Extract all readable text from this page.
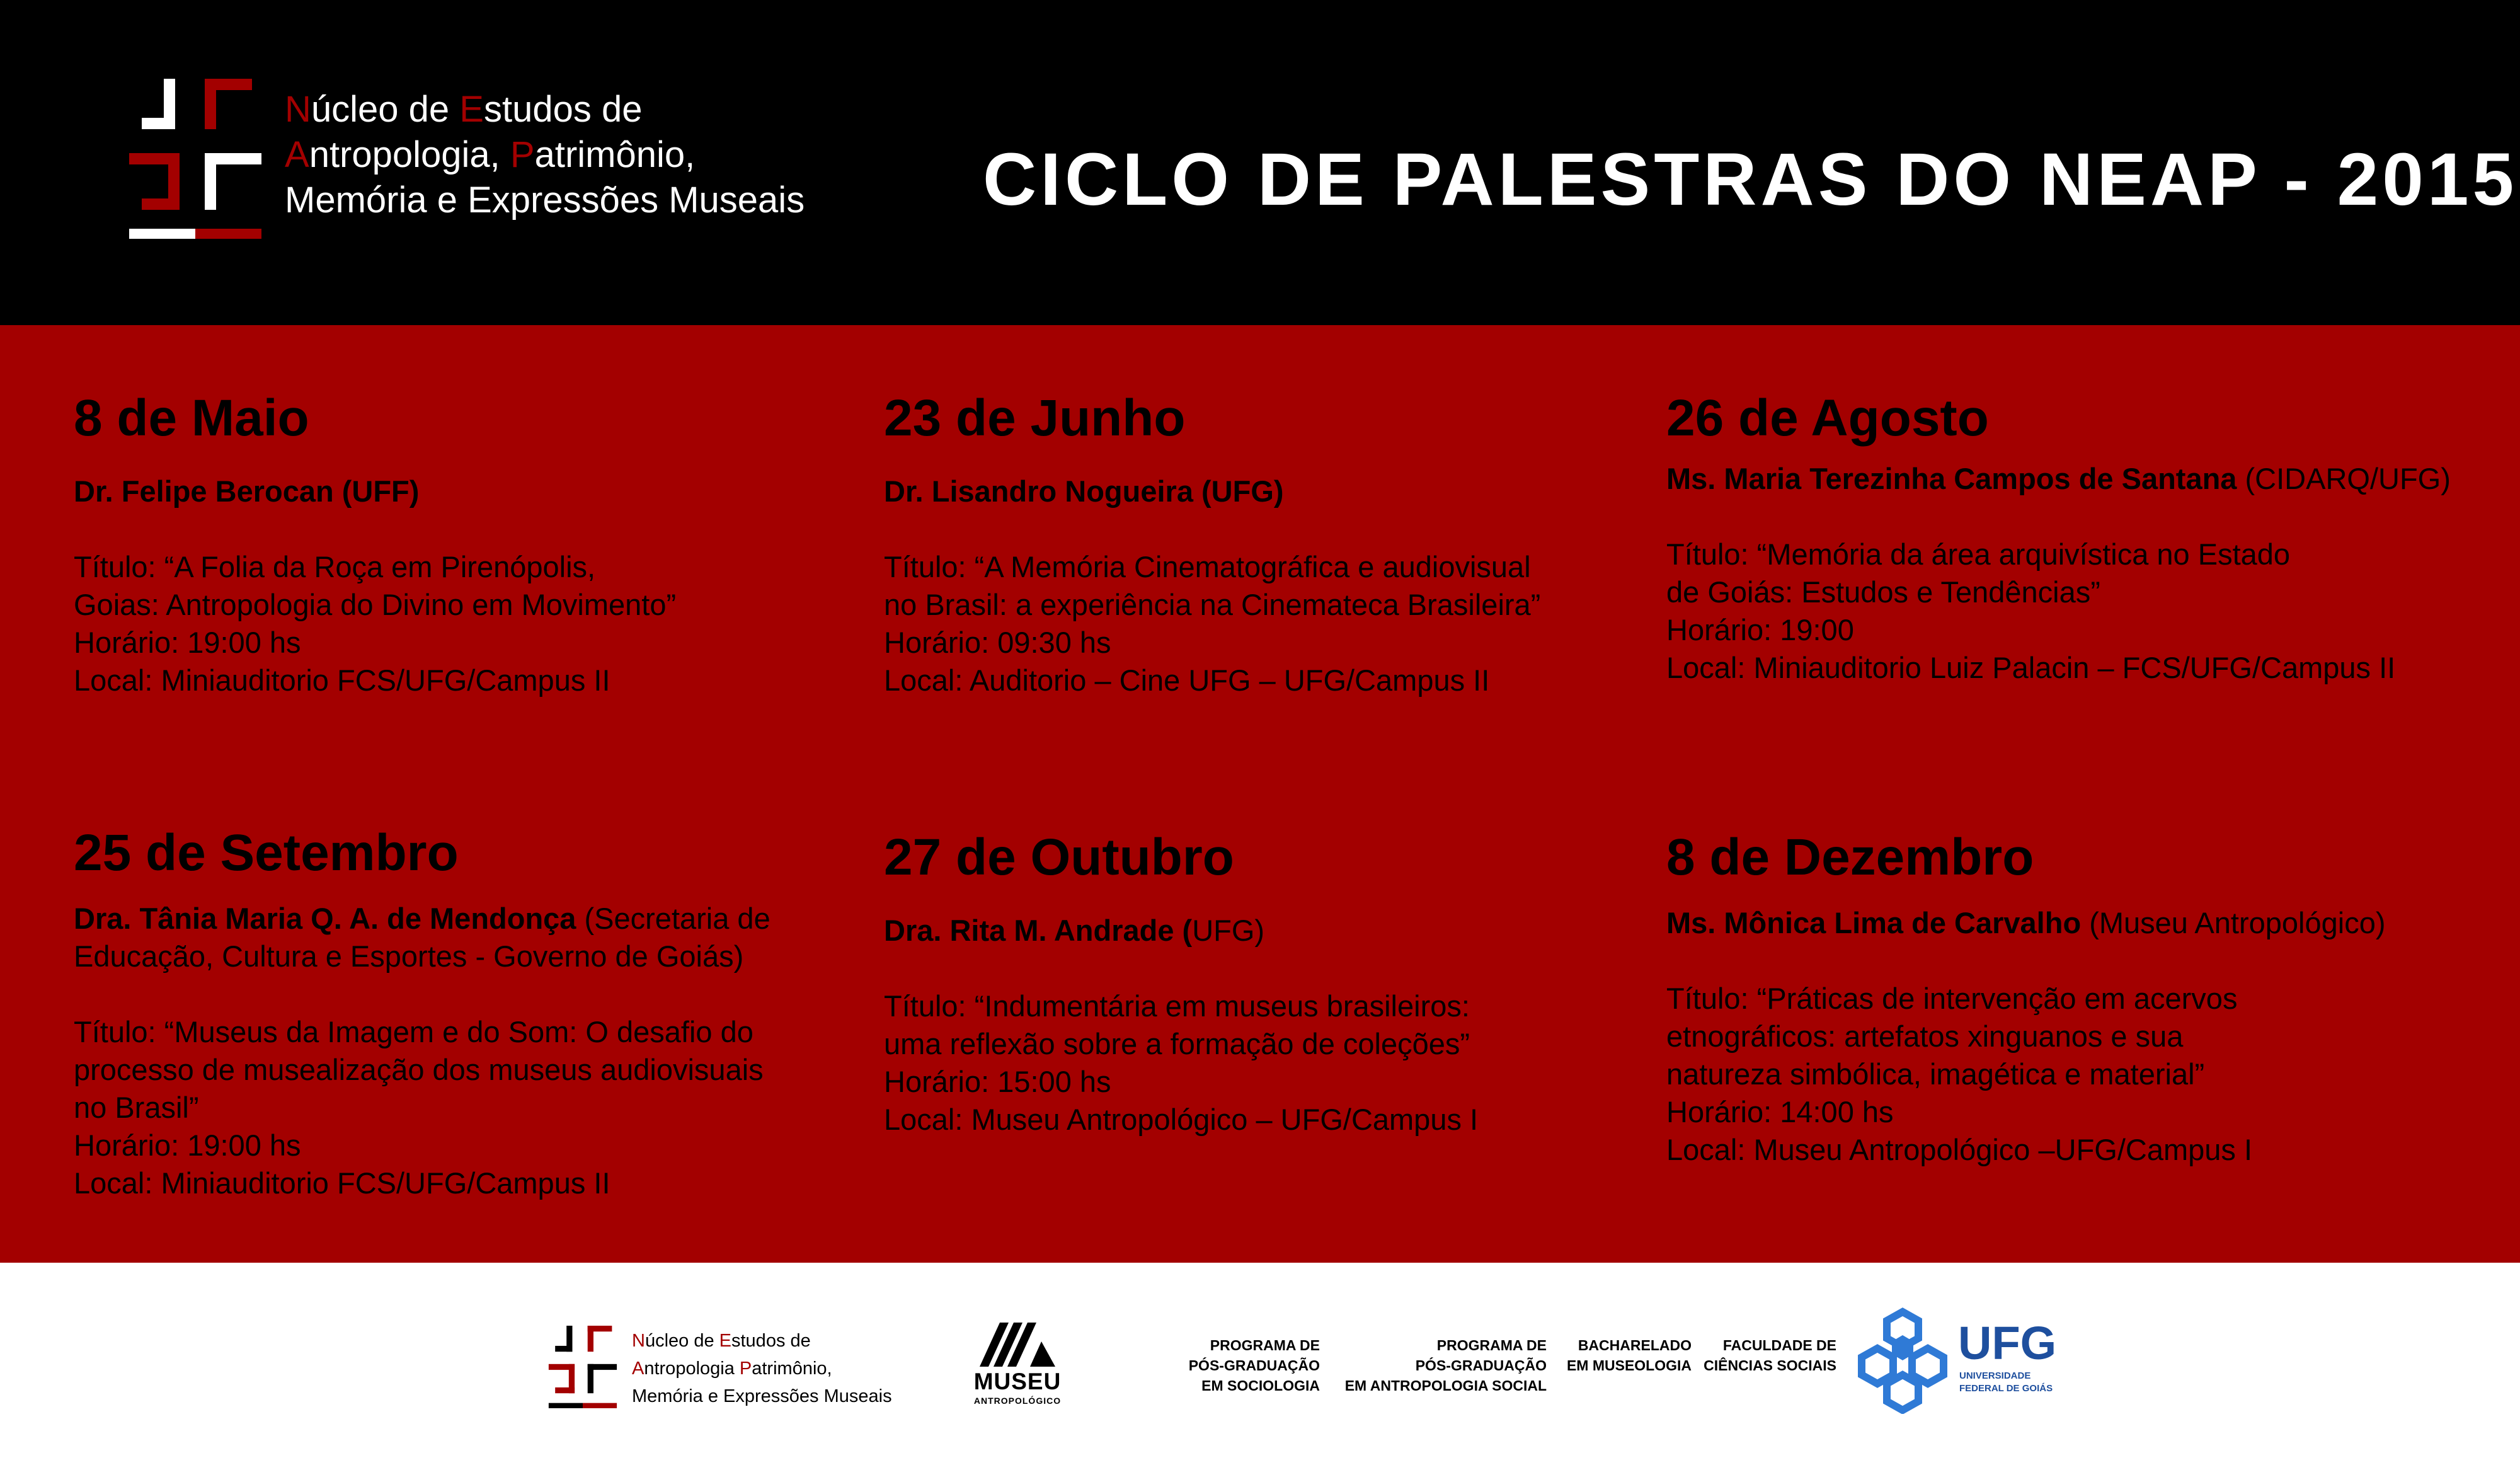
Núcleo de Estudos de
Antropologia, Patrimônio,
Memória e Expressões Museais	CICLO DE PALESTRAS DO NEAP - 2015
8 de Maio
Dr. Felipe Berocan (UFF)
Título: “A Folia da Roça em Pirenópolis,
Goias: Antropologia do Divino em Movimento”
Horário: 19:00 hs
Local: Miniauditorio FCS/UFG/Campus II
23 de Junho
Dr. Lisandro Nogueira (UFG)
Título: “A Memória Cinematográfica e audiovisual
no Brasil: a experiência na Cinemateca Brasileira”
Horário: 09:30 hs
Local: Auditorio – Cine UFG – UFG/Campus II
26 de Agosto
Ms. Maria Terezinha Campos de Santana (CIDARQ/UFG)
Título: “Memória da área arquivística no Estado
de Goiás: Estudos e Tendências”
Horário: 19:00
Local: Miniauditorio Luiz Palacin – FCS/UFG/Campus II
25 de Setembro
Dra. Tânia Maria Q. A. de Mendonça (Secretaria de
Educação, Cultura e Esportes - Governo de Goiás)
Título: “Museus da Imagem e do Som: O desafio do
processo de musealização dos museus audiovisuais
no Brasil”
Horário: 19:00 hs
Local: Miniauditorio FCS/UFG/Campus II
27 de Outubro
Dra. Rita M. Andrade (UFG)
Título: “Indumentária em museus brasileiros:
uma reflexão sobre a formação de coleções”
Horário: 15:00 hs
Local: Museu Antropológico – UFG/Campus I
8 de Dezembro
Ms. Mônica Lima de Carvalho (Museu Antropológico)
Título: “Práticas de intervenção em acervos
etnográficos: artefatos xinguanos e sua
natureza simbólica, imagética e material”
Horário: 14:00 hs
Local: Museu Antropológico –UFG/Campus I
Núcleo de Estudos de
Antropologia Patrimônio,
Memória e Expressões Museais
MUSEU
ANTROPOLÓGICO
PROGRAMA DE
PÓS-GRADUAÇÃO
EM SOCIOLOGIA
PROGRAMA DE
PÓS-GRADUAÇÃO
EM ANTROPOLOGIA SOCIAL
BACHARELADO
EM MUSEOLOGIA
FACULDADE DE
CIÊNCIAS SOCIAIS	UFG
UNIVERSIDADE
FEDERAL DE GOIÁS
